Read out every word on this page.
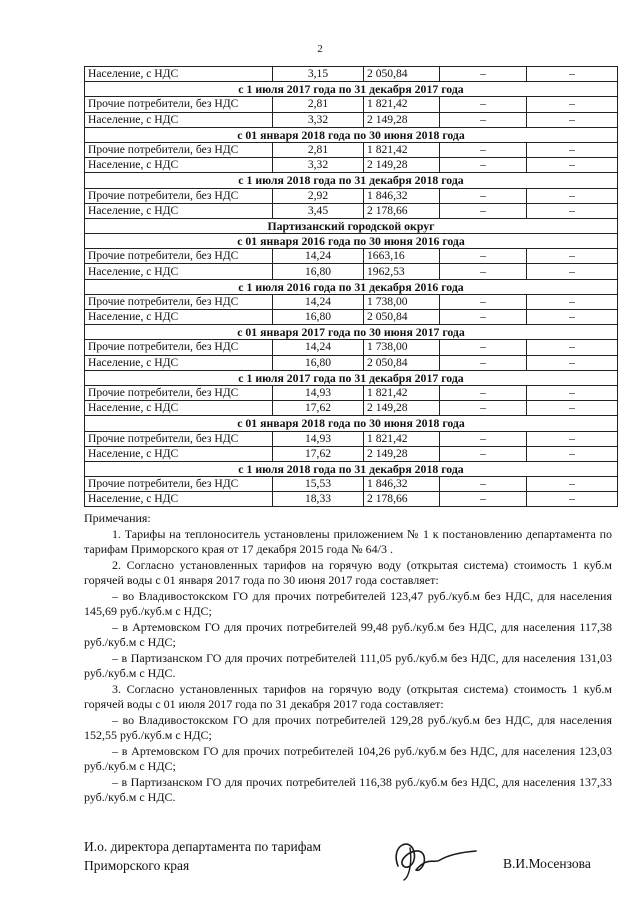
2
Население, с НДС	3,15	2 050,84	–	–
с 1 июля 2017 года по 31 декабря 2017 года				
Прочие потребители, без НДС	2,81	1 821,42	–	–
Население, с НДС	3,32	2 149,28	–	–
с 01 января 2018 года по 30 июня 2018 года				
Прочие потребители, без НДС	2,81	1 821,42	–	–
Население, с НДС	3,32	2 149,28	–	–
с 1 июля 2018 года по 31 декабря 2018 года				
Прочие потребители, без НДС	2,92	1 846,32	–	–
Население, с НДС	3,45	2 178,66	–	–
Партизанский городской округ				
с 01 января 2016 года по 30 июня 2016 года				
Прочие потребители, без НДС	14,24	1663,16	–	–
Население, с НДС	16,80	1962,53	–	–
с 1 июля 2016 года по 31 декабря 2016 года				
Прочие потребители, без НДС	14,24	1 738,00	–	–
Население, с НДС	16,80	2 050,84	–	–
с 01 января 2017 года по 30 июня 2017 года				
Прочие потребители, без НДС	14,24	1 738,00	–	–
Население, с НДС	16,80	2 050,84	–	–
с 1 июля 2017 года по 31 декабря 2017 года				
Прочие потребители, без НДС	14,93	1 821,42	–	–
Население, с НДС	17,62	2 149,28	–	–
с 01 января 2018 года по 30 июня 2018 года				
Прочие потребители, без НДС	14,93	1 821,42	–	–
Население, с НДС	17,62	2 149,28	–	–
с 1 июля 2018 года по 31 декабря 2018 года				
Прочие потребители, без НДС	15,53	1 846,32	–	–
Население, с НДС	18,33	2 178,66	–	–

Примечания:

1. Тарифы на теплоноситель установлены приложением № 1 к постановлению департамента по тарифам Приморского края от 17 декабря 2015 года № 64/3 .

2. Согласно установленных тарифов на горячую воду (открытая система) стоимость 1 куб.м горячей воды с 01 января 2017 года по 30 июня 2017 года составляет:

– во Владивостокском ГО для прочих потребителей 123,47 руб./куб.м без НДС, для населения 145,69 руб./куб.м с НДС;

– в Артемовском ГО для прочих потребителей 99,48 руб./куб.м без НДС, для населения 117,38 руб./куб.м с НДС;

– в Партизанском ГО для прочих потребителей 111,05 руб./куб.м без НДС, для населения 131,03 руб./куб.м с НДС.

3. Согласно установленных тарифов на горячую воду (открытая система) стоимость 1 куб.м горячей воды с 01 июля 2017 года по 31 декабря 2017 года составляет:

– во Владивостокском ГО для прочих потребителей 129,28 руб./куб.м без НДС, для населения 152,55 руб./куб.м с НДС;

– в Артемовском ГО для прочих потребителей 104,26 руб./куб.м без НДС, для населения 123,03 руб./куб.м с НДС;

– в Партизанском ГО для прочих потребителей 116,38 руб./куб.м без НДС, для населения 137,33 руб./куб.м с НДС.

И.о. директора департамента по тарифам
Приморского края	В.И.Мосензова
